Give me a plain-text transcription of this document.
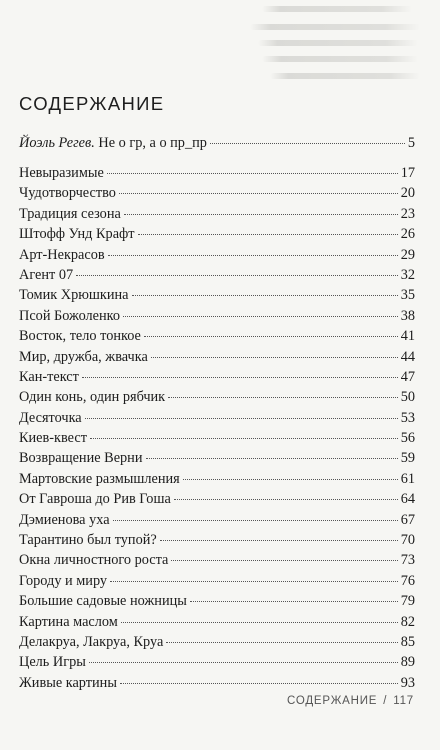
СОДЕРЖАНИЕ
Йоэль Регев. Не о гр, а о пр_пр	5
Невыразимые	17
Чудотворчество	20
Традиция сезона	23
Штофф Унд Крафт	26
Арт-Некрасов	29
Агент 07	32
Томик Хрюшкина	35
Псой Божоленко	38
Восток, тело тонкое	41
Мир, дружба, жвачка	44
Кан-текст	47
Один конь, один рябчик	50
Десяточка	53
Киев-квест	56
Возвращение Верни	59
Мартовские размышления	61
От Гавроша до Рив Гоша	64
Дэмиенова уха	67
Тарантино был тупой?	70
Окна личностного роста	73
Городу и миру	76
Большие садовые ножницы	79
Картина маслом	82
Делакруа, Лакруа, Круа	85
Цель Игры	89
Живые картины	93
СОДЕРЖАНИЕ / 117
